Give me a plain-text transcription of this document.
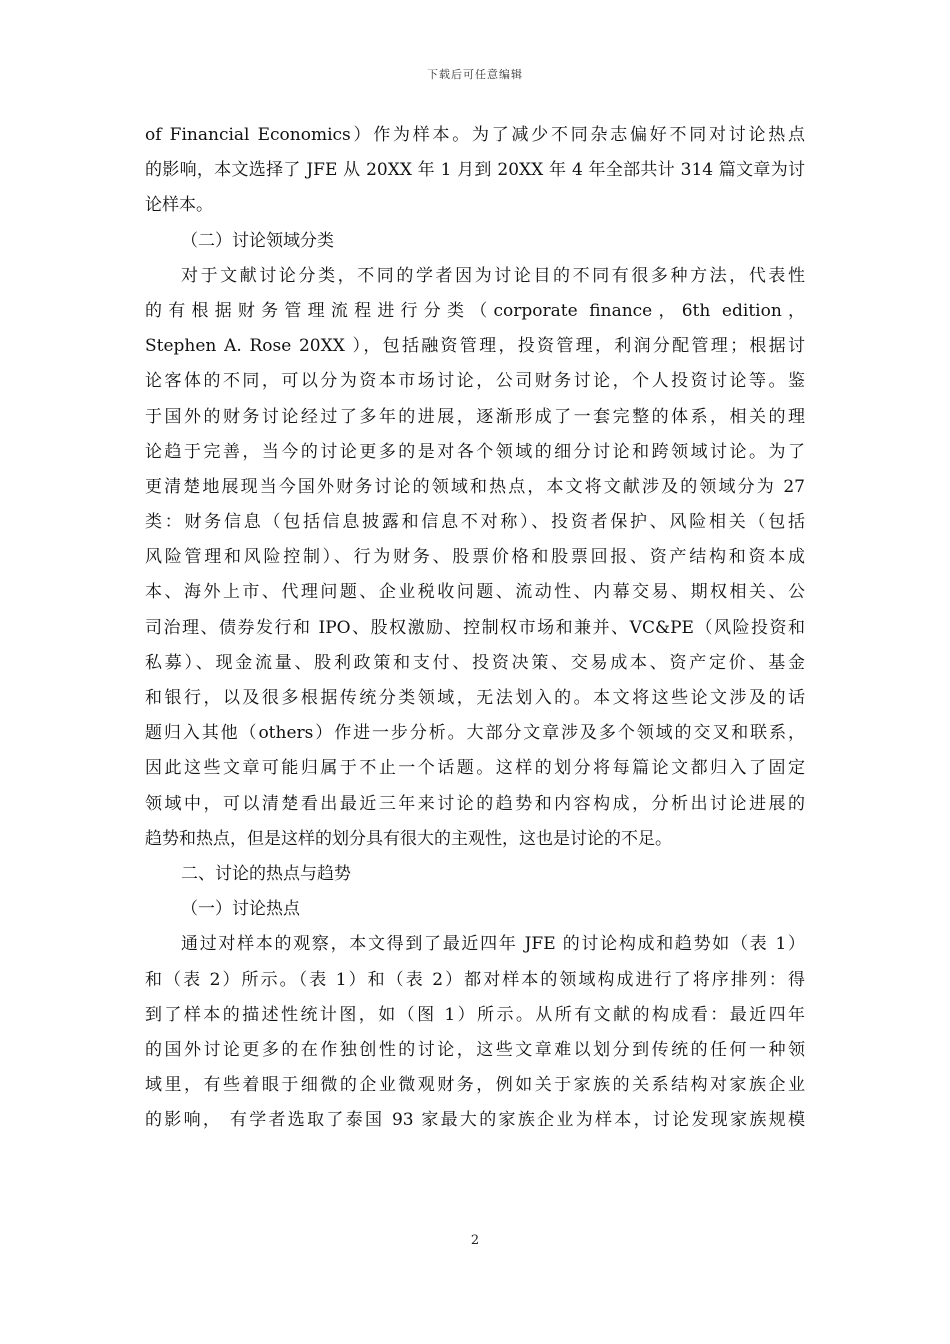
下载后可任意编辑
of Financial Economics）作为样本。为了减少不同杂志偏好不同对讨论热点
的影响，本文选择了 JFE 从 20XX 年 1 月到 20XX 年 4 年全部共计 314 篇文章为讨
论样本。
（二）讨论领域分类
对于文献讨论分类，不同的学者因为讨论目的不同有很多种方法，代表性
的有根据财务管理流程进行分类（corporate finance，6th edition，
Stephen A. Rose 20XX ），包括融资管理，投资管理，利润分配管理；根据讨
论客体的不同，可以分为资本市场讨论，公司财务讨论，个人投资讨论等。鉴
于国外的财务讨论经过了多年的进展，逐渐形成了一套完整的体系，相关的理
论趋于完善，当今的讨论更多的是对各个领域的细分讨论和跨领域讨论。为了
更清楚地展现当今国外财务讨论的领域和热点，本文将文献涉及的领域分为 27
类：财务信息（包括信息披露和信息不对称）、投资者保护、风险相关（包括
风险管理和风险控制）、行为财务、股票价格和股票回报、资产结构和资本成
本、海外上市、代理问题、企业税收问题、流动性、内幕交易、期权相关、公
司治理、债券发行和 IPO、股权激励、控制权市场和兼并、VC&PE（风险投资和
私募）、现金流量、股利政策和支付、投资决策、交易成本、资产定价、基金
和银行，以及很多根据传统分类领域，无法划入的。本文将这些论文涉及的话
题归入其他（others）作进一步分析。大部分文章涉及多个领域的交叉和联系，
因此这些文章可能归属于不止一个话题。这样的划分将每篇论文都归入了固定
领域中，可以清楚看出最近三年来讨论的趋势和内容构成，分析出讨论进展的
趋势和热点，但是这样的划分具有很大的主观性，这也是讨论的不足。
二、讨论的热点与趋势
（一）讨论热点
通过对样本的观察，本文得到了最近四年 JFE 的讨论构成和趋势如（表 1）
和（表 2）所示。（表 1）和（表 2）都对样本的领域构成进行了将序排列：得
到了样本的描述性统计图，如（图 1）所示。从所有文献的构成看：最近四年
的国外讨论更多的在作独创性的讨论，这些文章难以划分到传统的任何一种领
域里，有些着眼于细微的企业微观财务，例如关于家族的关系结构对家族企业
的影响， 有学者选取了泰国 93 家最大的家族企业为样本，讨论发现家族规模
2
